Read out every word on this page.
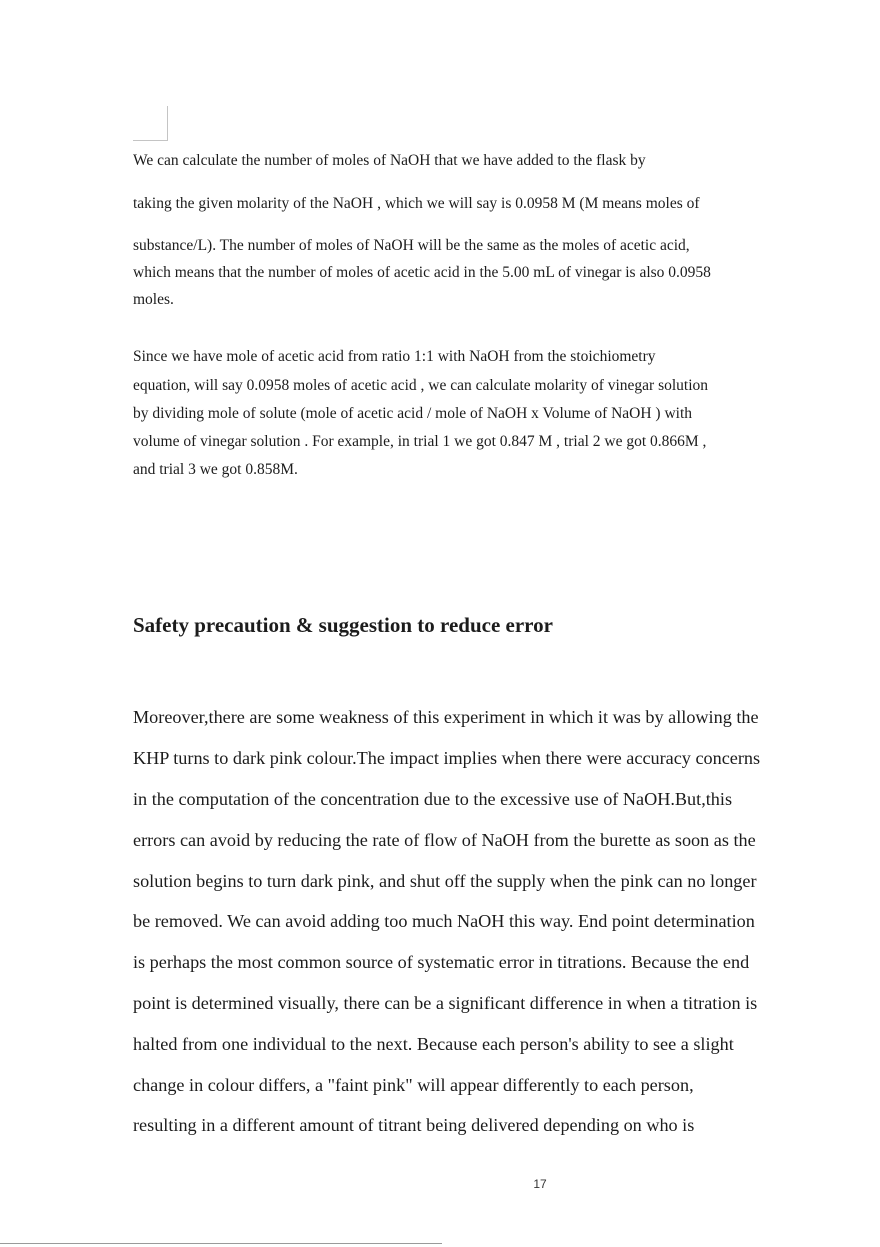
We can calculate the number of moles of NaOH that we have added to the flask by

taking the given molarity of the NaOH , which we will say is 0.0958 M (M means moles of

substance/L). The number of moles of NaOH will be the same as the moles of acetic acid,

which means that the number of moles of acetic acid in the 5.00 mL of vinegar is also 0.0958

moles.

Since we have mole of acetic acid from ratio 1:1 with NaOH from the stoichiometry

equation, will say 0.0958 moles of acetic acid , we can calculate molarity of vinegar solution

by dividing mole of solute (mole of acetic acid / mole of NaOH x Volume of NaOH ) with

volume of vinegar solution . For example, in trial 1 we got 0.847 M , trial 2 we got 0.866M ,

and trial 3 we got 0.858M.

Safety precaution & suggestion to reduce error

Moreover,there are some weakness of this experiment in which it was by allowing the

KHP turns to dark pink colour.The impact implies when there were accuracy concerns

in the computation of the concentration due to the excessive use of NaOH.But,this

errors can avoid by reducing the rate of flow of NaOH from the burette as soon as the

solution begins to turn dark pink, and shut off the supply when the pink can no longer

be removed. We can avoid adding too much NaOH this way. End point determination

is perhaps the most common source of systematic error in titrations. Because the end

point is determined visually, there can be a significant difference in when a titration is

halted from one individual to the next. Because each person's ability to see a slight

change in colour differs, a "faint pink" will appear differently to each person,

resulting in a different amount of titrant being delivered depending on who is

17
